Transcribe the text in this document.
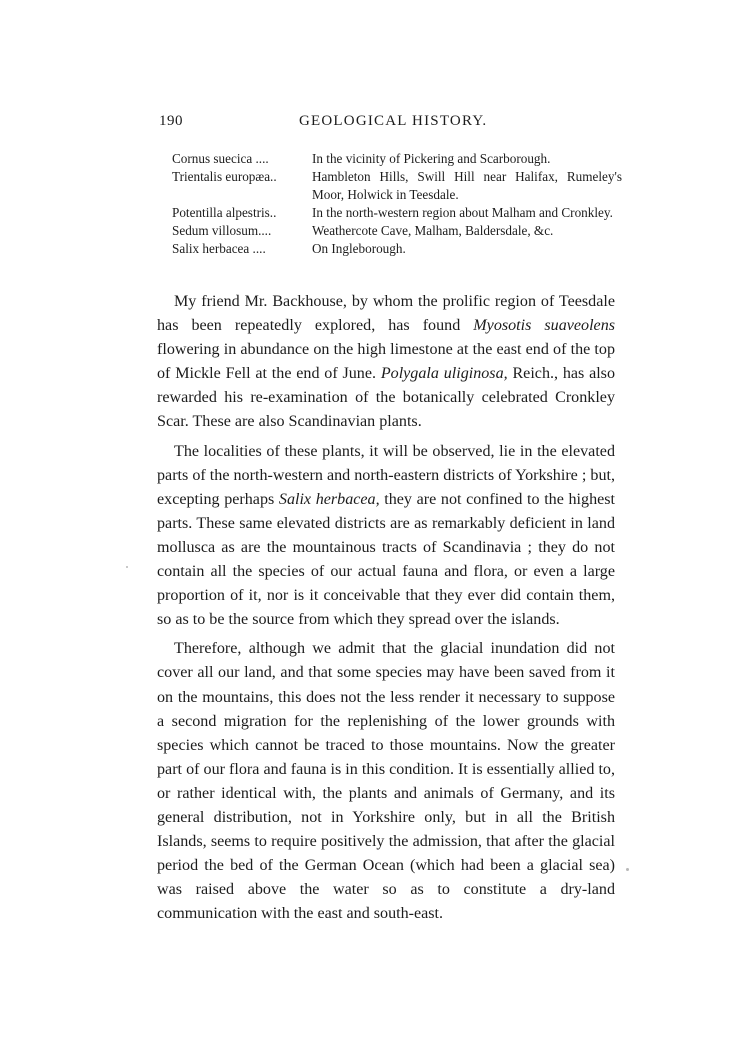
190	GEOLOGICAL HISTORY.
Cornus suecica ....	In the vicinity of Pickering and Scarborough.
Trientalis europæa..	Hambleton Hills, Swill Hill near Halifax, Rumeley's Moor, Holwick in Teesdale.
Potentilla alpestris..	In the north-western region about Malham and Cronkley.
Sedum villosum....	Weathercote Cave, Malham, Baldersdale, &c.
Salix herbacea ....	On Ingleborough.

My friend Mr. Backhouse, by whom the prolific region of Teesdale has been repeatedly explored, has found Myosotis suaveolens flowering in abundance on the high limestone at the east end of the top of Mickle Fell at the end of June. Polygala uliginosa, Reich., has also rewarded his re-examination of the botanically celebrated Cronkley Scar. These are also Scandinavian plants.

The localities of these plants, it will be observed, lie in the elevated parts of the north-western and north-eastern districts of Yorkshire ; but, excepting perhaps Salix herbacea, they are not confined to the highest parts. These same elevated districts are as remarkably deficient in land mollusca as are the mountainous tracts of Scandinavia ; they do not contain all the species of our actual fauna and flora, or even a large proportion of it, nor is it conceivable that they ever did contain them, so as to be the source from which they spread over the islands.

Therefore, although we admit that the glacial inundation did not cover all our land, and that some species may have been saved from it on the mountains, this does not the less render it necessary to suppose a second migration for the replenishing of the lower grounds with species which cannot be traced to those mountains. Now the greater part of our flora and fauna is in this condition. It is essentially allied to, or rather identical with, the plants and animals of Germany, and its general distribution, not in Yorkshire only, but in all the British Islands, seems to require positively the admission, that after the glacial period the bed of the German Ocean (which had been a glacial sea) was raised above the water so as to constitute a dry-land communication with the east and south-east.
